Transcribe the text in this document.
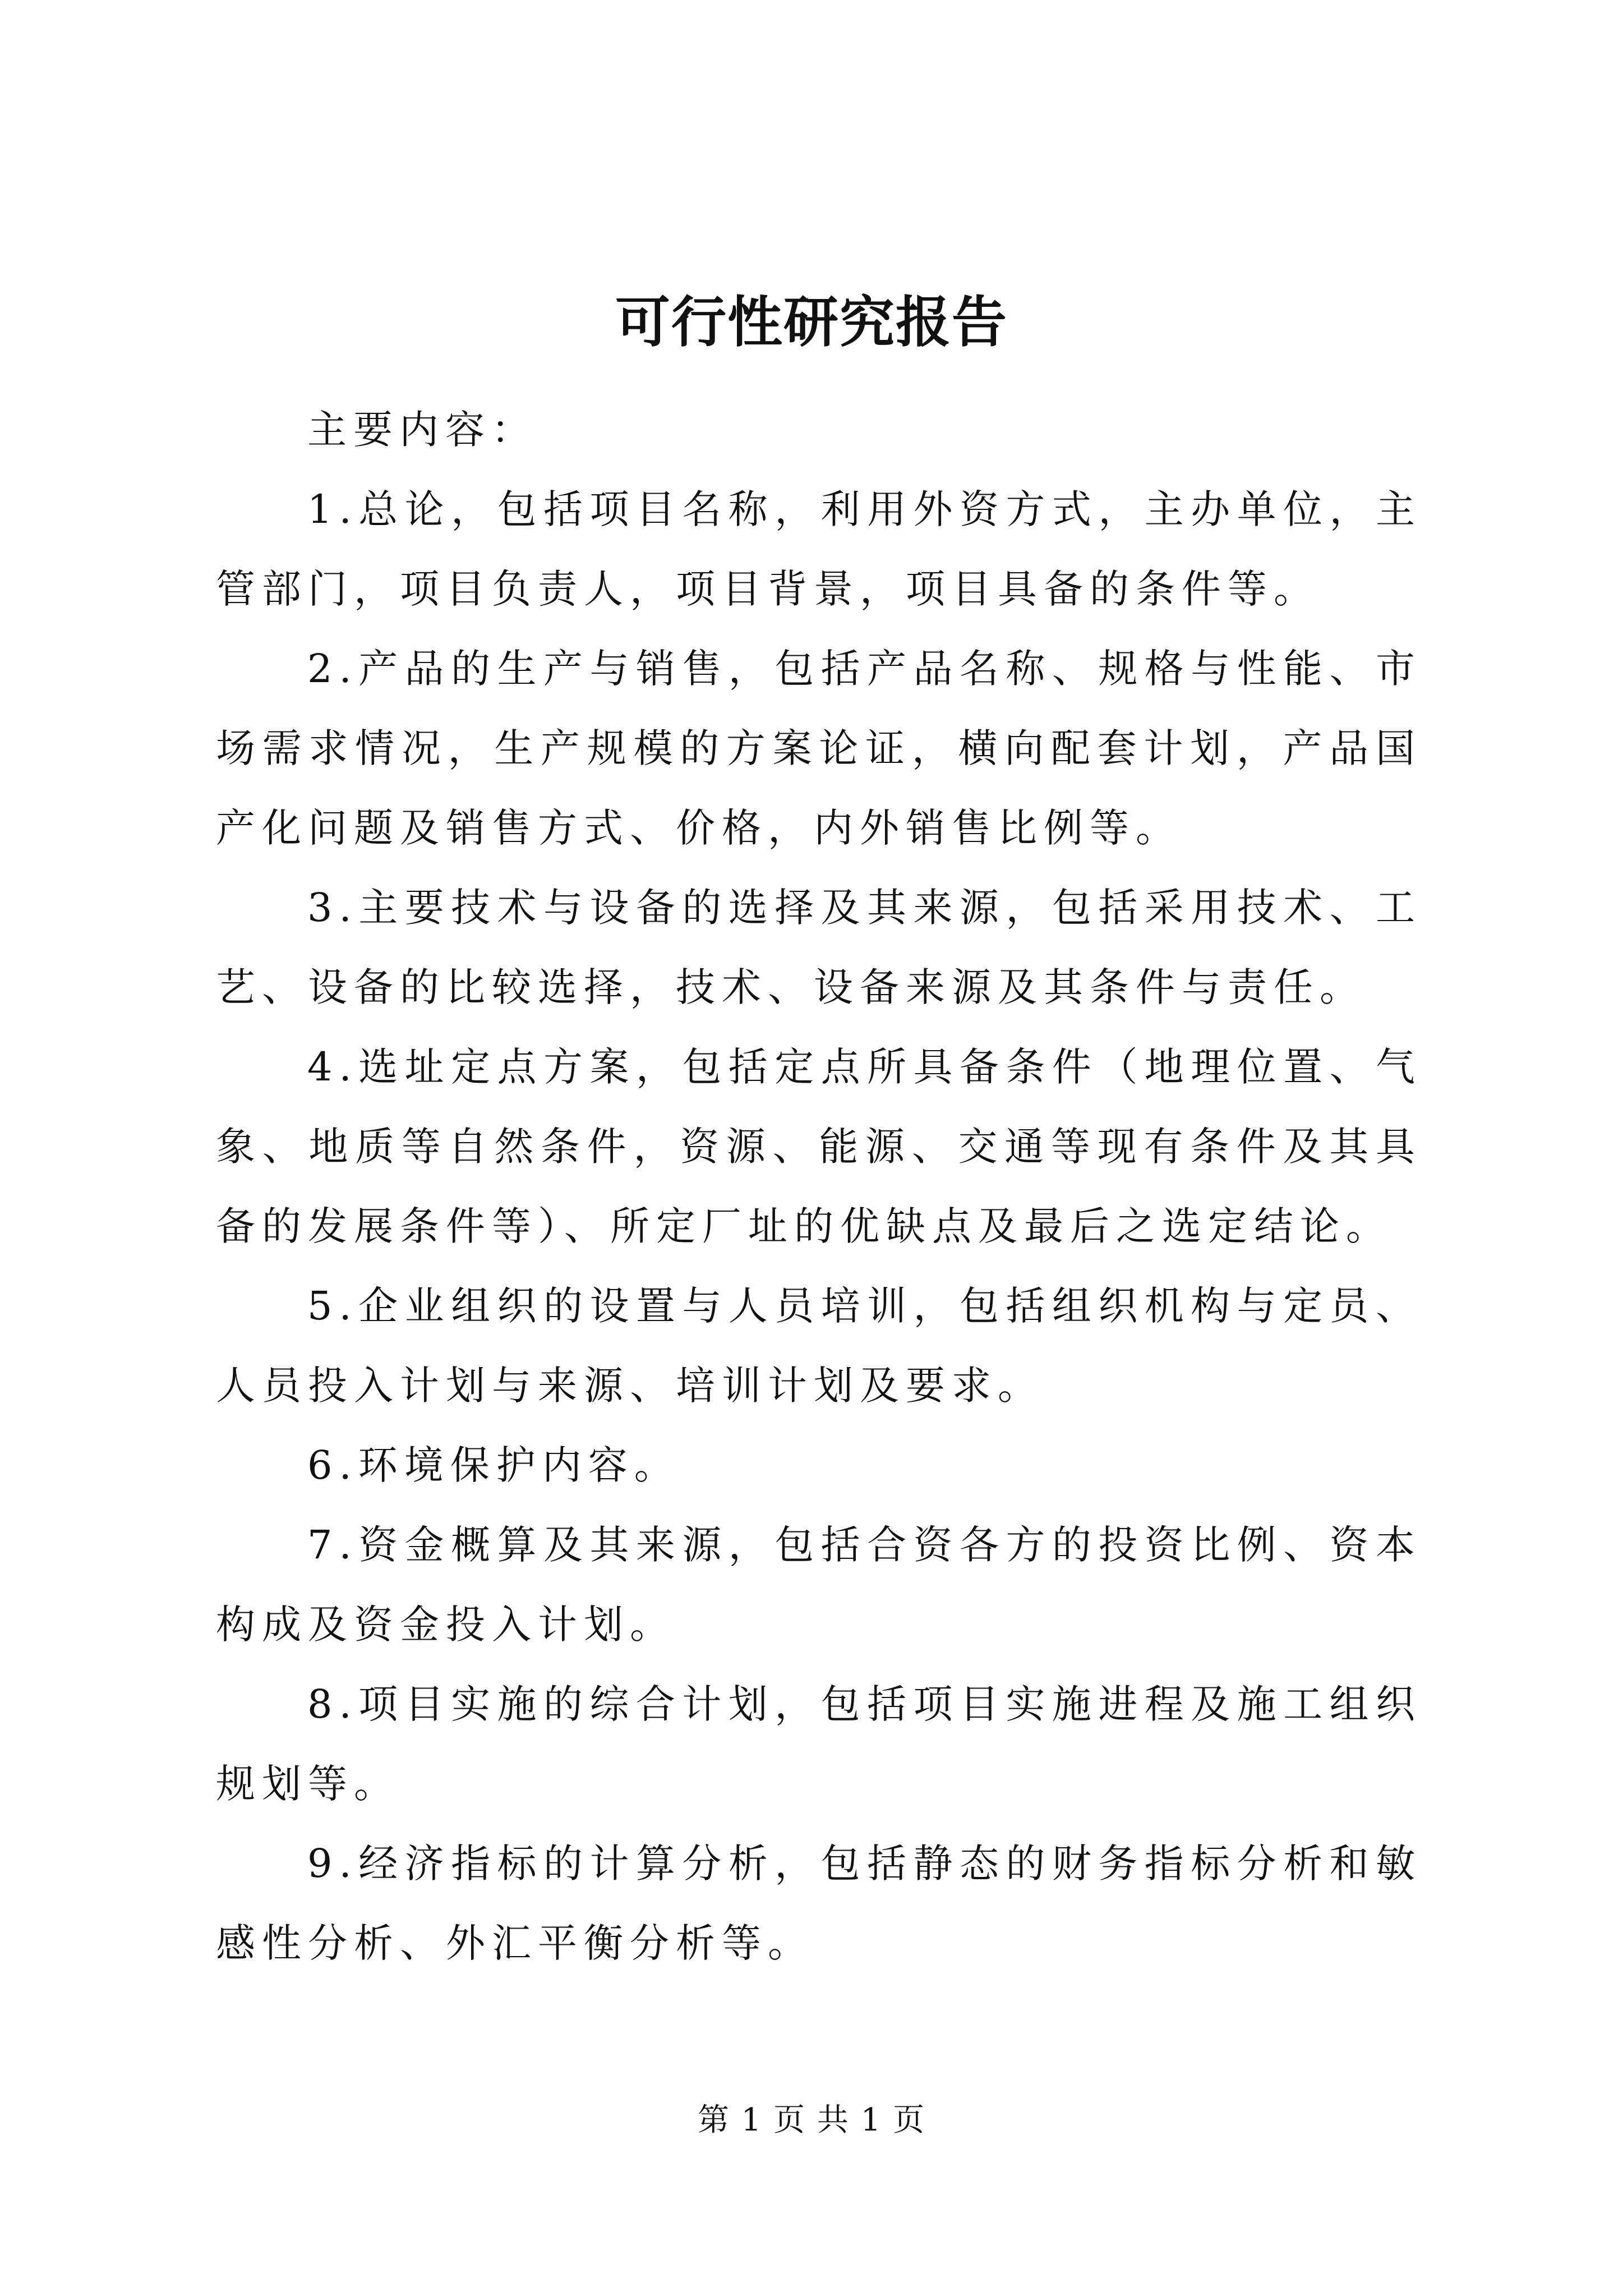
可行性研究报告

主要内容：

1.总论，包括项目名称，利用外资方式，主办单位，主管部门，项目负责人，项目背景，项目具备的条件等。

2.产品的生产与销售，包括产品名称、规格与性能、市场需求情况，生产规模的方案论证，横向配套计划，产品国产化问题及销售方式、价格，内外销售比例等。

3.主要技术与设备的选择及其来源，包括采用技术、工艺、设备的比较选择，技术、设备来源及其条件与责任。

4.选址定点方案，包括定点所具备条件（地理位置、气象、地质等自然条件，资源、能源、交通等现有条件及其具备的发展条件等）、所定厂址的优缺点及最后之选定结论。

5.企业组织的设置与人员培训，包括组织机构与定员、人员投入计划与来源、培训计划及要求。

6.环境保护内容。

7.资金概算及其来源，包括合资各方的投资比例、资本构成及资金投入计划。

8.项目实施的综合计划，包括项目实施进程及施工组织规划等。

9.经济指标的计算分析，包括静态的财务指标分析和敏感性分析、外汇平衡分析等。

第 1 页 共 1 页
